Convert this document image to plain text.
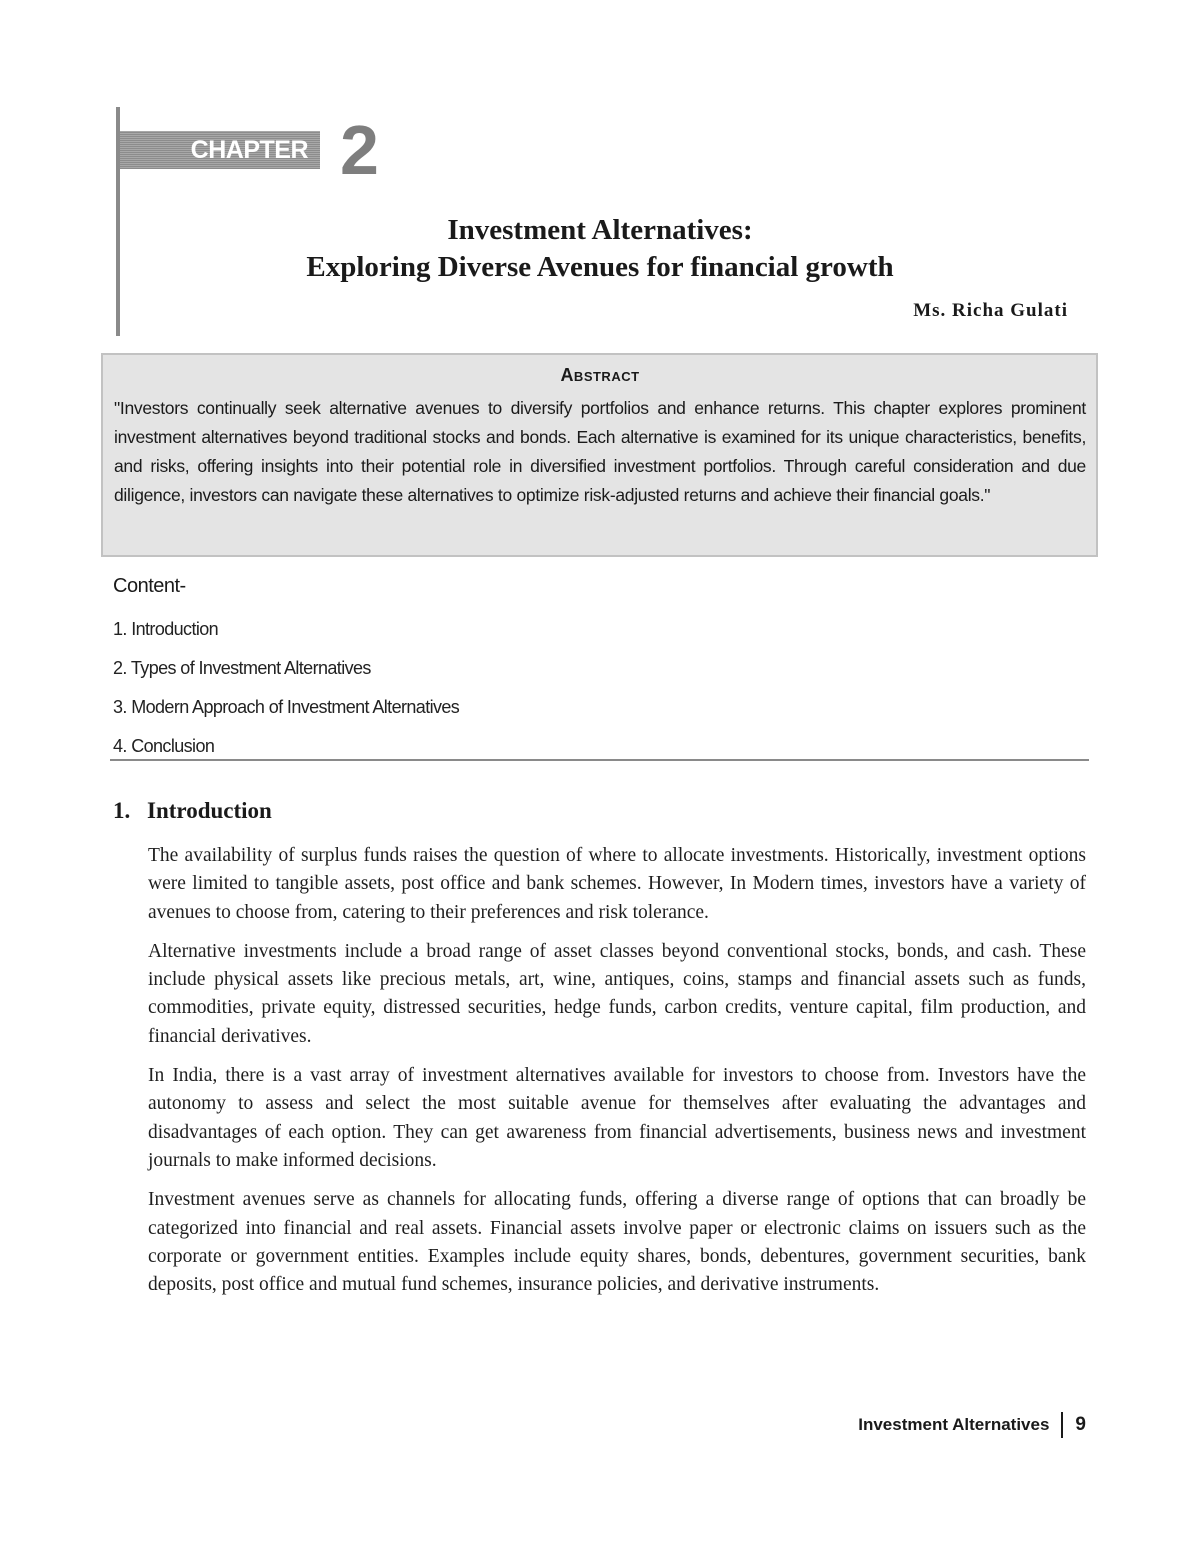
CHAPTER 2
Investment Alternatives:
Exploring Diverse Avenues for financial growth
Ms. Richa Gulati
Abstract
"Investors continually seek alternative avenues to diversify portfolios and enhance returns. This chapter explores prominent investment alternatives beyond traditional stocks and bonds. Each alternative is examined for its unique characteristics, benefits, and risks, offering insights into their potential role in diversified investment portfolios. Through careful consideration and due diligence, investors can navigate these alternatives to optimize risk-adjusted returns and achieve their financial goals."
Content-
1. Introduction
2. Types of Investment Alternatives
3. Modern Approach of Investment Alternatives
4. Conclusion
1. Introduction

The availability of surplus funds raises the question of where to allocate investments. Historically, investment options were limited to tangible assets, post office and bank schemes. However, In Modern times, investors have a variety of avenues to choose from, catering to their preferences and risk tolerance.

Alternative investments include a broad range of asset classes beyond conventional stocks, bonds, and cash. These include physical assets like precious metals, art, wine, antiques, coins, stamps and financial assets such as funds, commodities, private equity, distressed securities, hedge funds, carbon credits, venture capital, film production, and financial derivatives.

In India, there is a vast array of investment alternatives available for investors to choose from. Investors have the autonomy to assess and select the most suitable avenue for themselves after evaluating the advantages and disadvantages of each option. They can get awareness from financial advertisements, business news and investment journals to make informed decisions.

Investment avenues serve as channels for allocating funds, offering a diverse range of options that can broadly be categorized into financial and real assets. Financial assets involve paper or electronic claims on issuers such as the corporate or government entities. Examples include equity shares, bonds, debentures, government securities, bank deposits, post office and mutual fund schemes, insurance policies, and derivative instruments.

Investment Alternatives 9
